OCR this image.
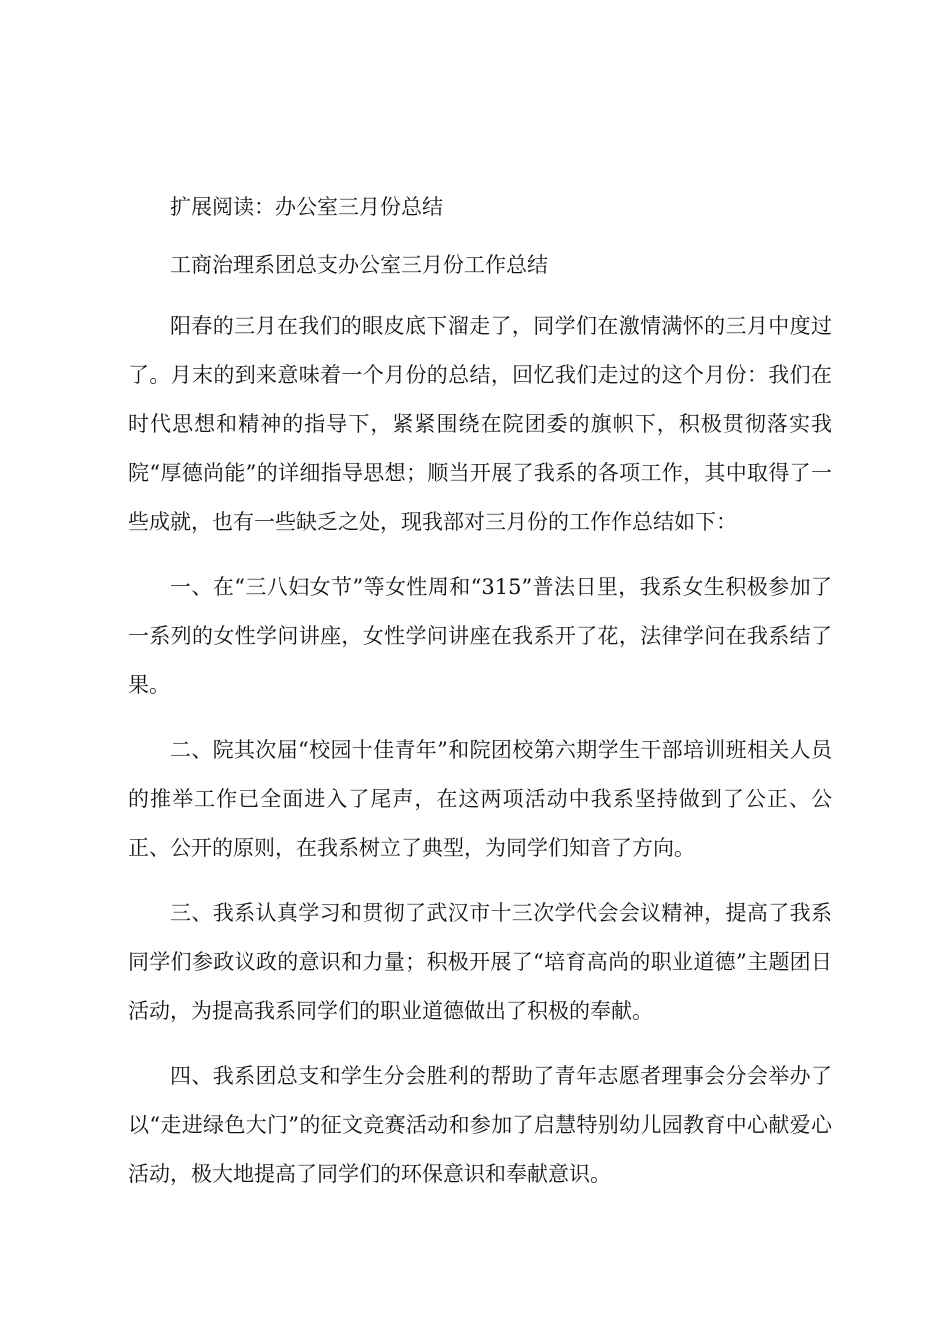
扩展阅读：办公室三月份总结

工商治理系团总支办公室三月份工作总结

阳春的三月在我们的眼皮底下溜走了，同学们在激情满怀的三月中度过了。月末的到来意味着一个月份的总结，回忆我们走过的这个月份：我们在时代思想和精神的指导下，紧紧围绕在院团委的旗帜下，积极贯彻落实我院“厚德尚能”的详细指导思想；顺当开展了我系的各项工作，其中取得了一些成就，也有一些缺乏之处，现我部对三月份的工作作总结如下：

一、在“三八妇女节”等女性周和“315”普法日里，我系女生积极参加了一系列的女性学问讲座，女性学问讲座在我系开了花，法律学问在我系结了果。

二、院其次届“校园十佳青年”和院团校第六期学生干部培训班相关人员的推举工作已全面进入了尾声，在这两项活动中我系坚持做到了公正、公正、公开的原则，在我系树立了典型，为同学们知音了方向。

三、我系认真学习和贯彻了武汉市十三次学代会会议精神，提高了我系同学们参政议政的意识和力量；积极开展了“培育高尚的职业道德”主题团日活动，为提高我系同学们的职业道德做出了积极的奉献。

四、我系团总支和学生分会胜利的帮助了青年志愿者理事会分会举办了以“走进绿色大门”的征文竞赛活动和参加了启慧特别幼儿园教育中心献爱心活动，极大地提高了同学们的环保意识和奉献意识。
